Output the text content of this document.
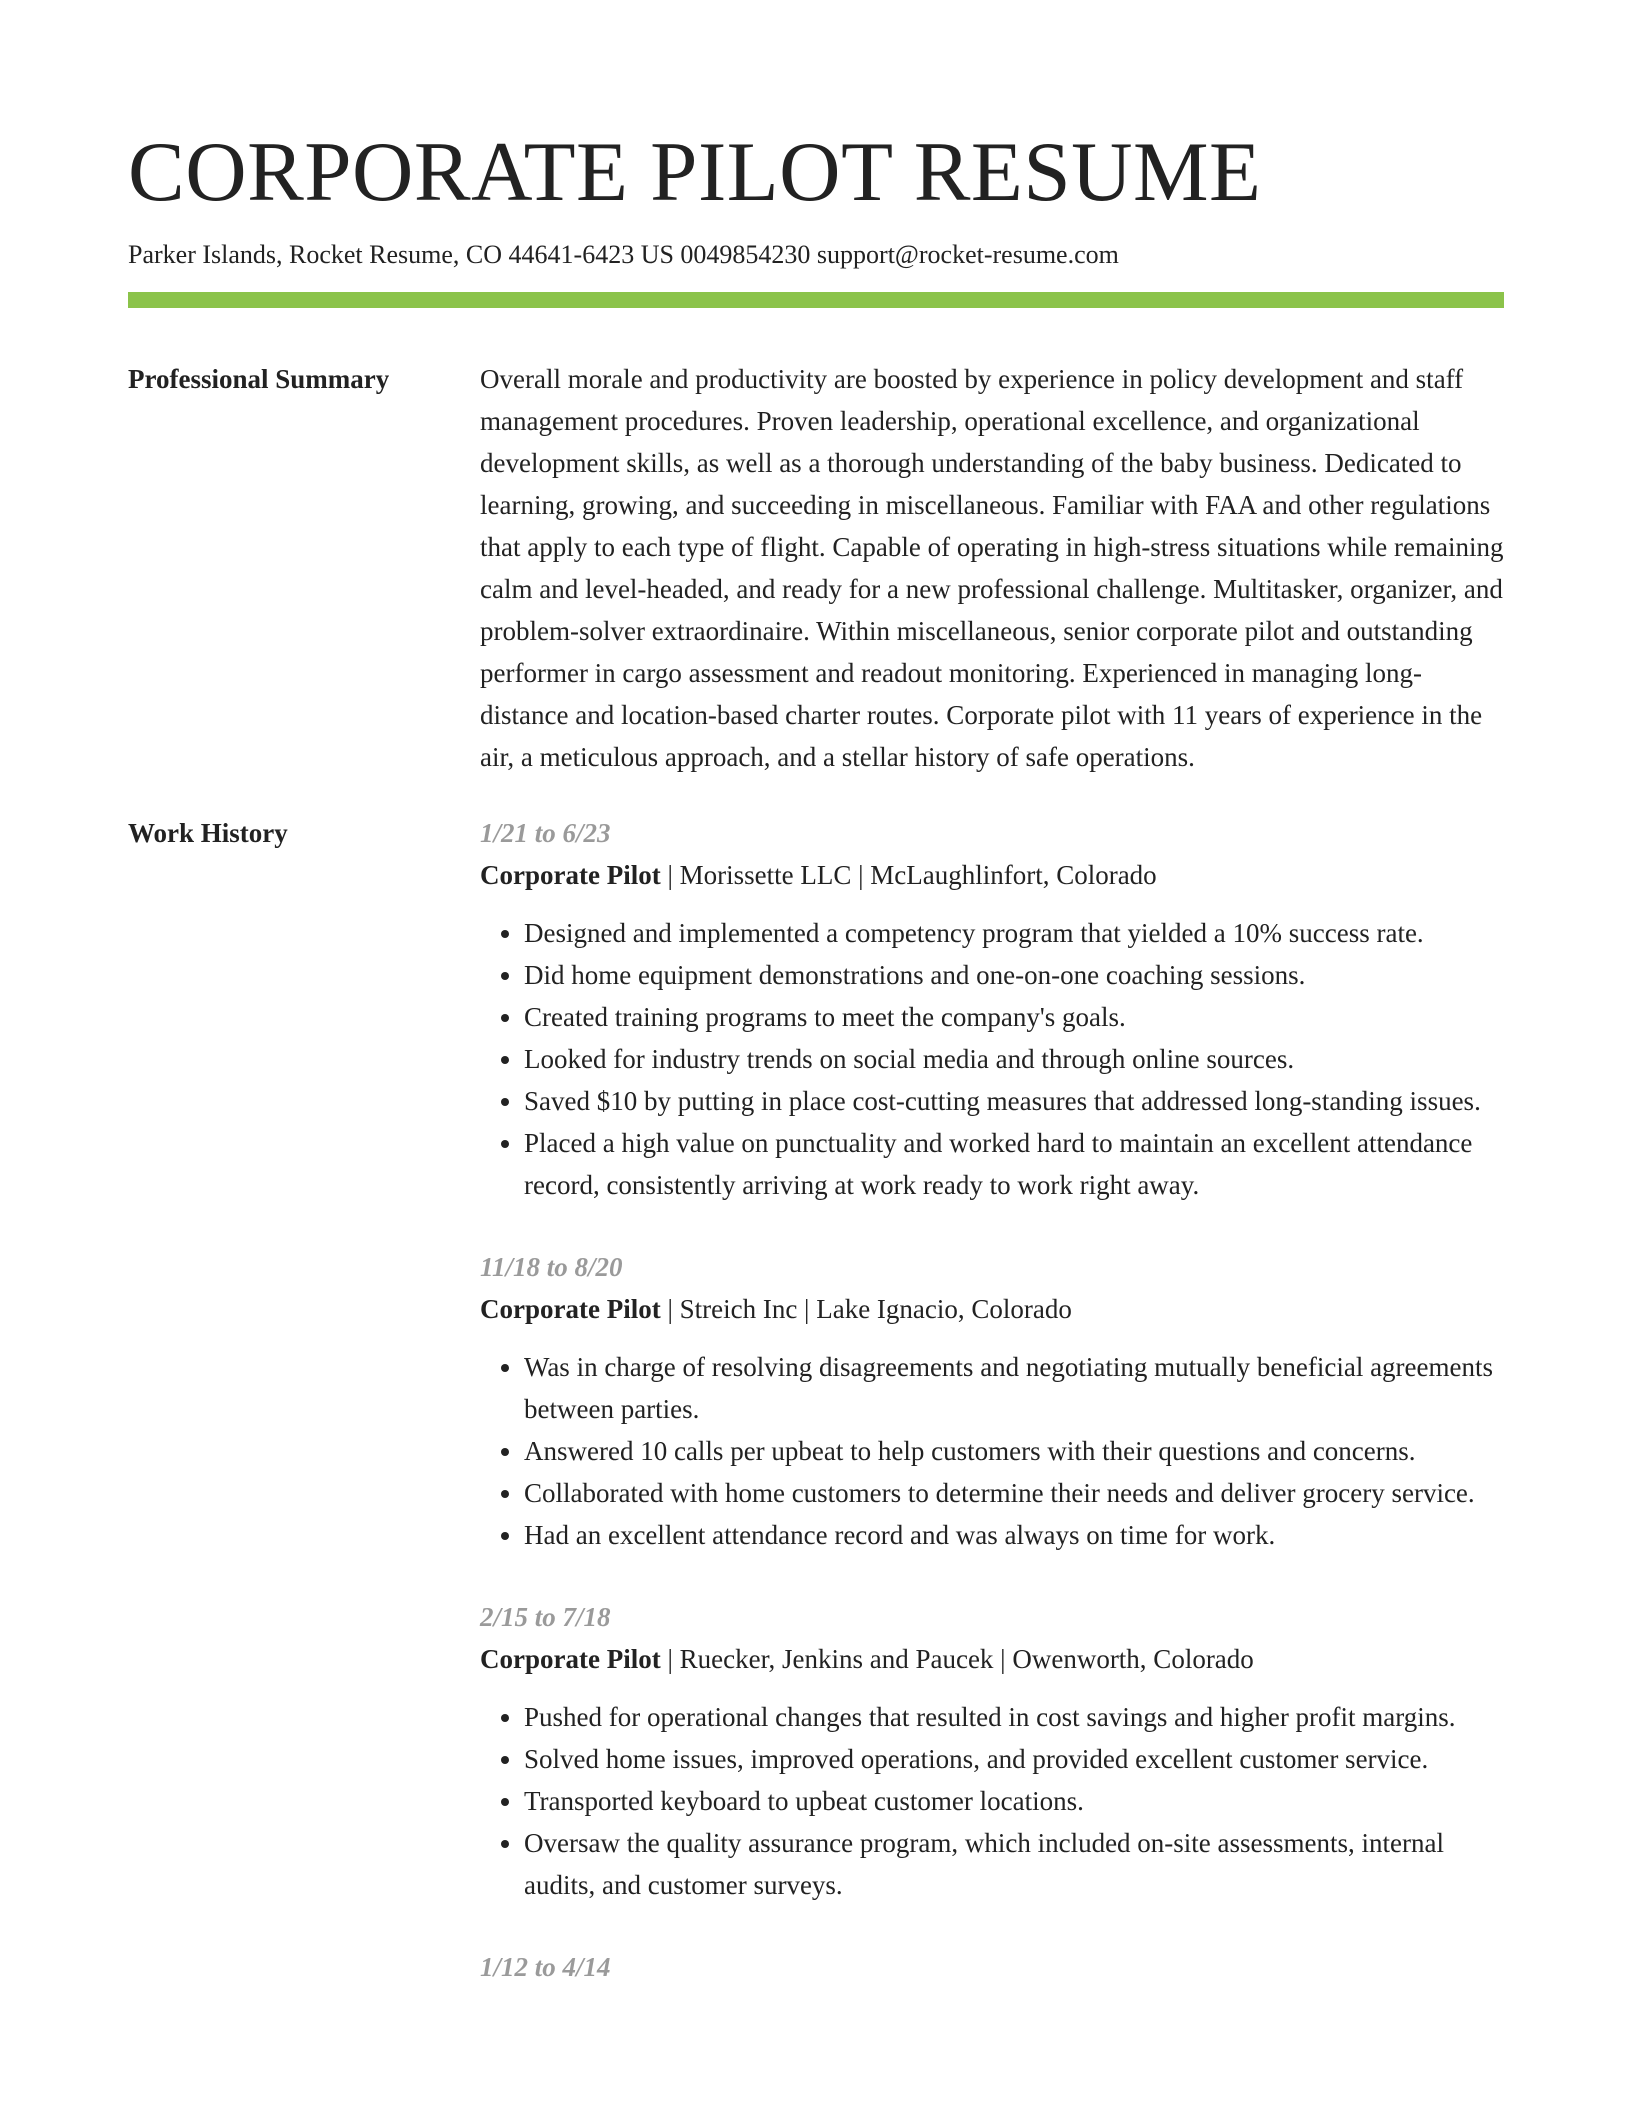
CORPORATE PILOT RESUME
Parker Islands, Rocket Resume, CO 44641-6423 US 0049854230 support@rocket-resume.com
Professional Summary	Overall morale and productivity are boosted by experience in policy development and staff management procedures. Proven leadership, operational excellence, and organizational development skills, as well as a thorough understanding of the baby business. Dedicated to learning, growing, and succeeding in miscellaneous. Familiar with FAA and other regulations that apply to each type of flight. Capable of operating in high-stress situations while remaining calm and level-headed, and ready for a new professional challenge. Multitasker, organizer, and problem-solver extraordinaire. Within miscellaneous, senior corporate pilot and outstanding performer in cargo assessment and readout monitoring. Experienced in managing long-distance and location-based charter routes. Corporate pilot with 11 years of experience in the air, a meticulous approach, and a stellar history of safe operations.

Work History	1/21 to 6/23
Corporate Pilot | Morissette LLC | McLaughlinfort, Colorado
• Designed and implemented a competency program that yielded a 10% success rate.
• Did home equipment demonstrations and one-on-one coaching sessions.
• Created training programs to meet the company's goals.
• Looked for industry trends on social media and through online sources.
• Saved $10 by putting in place cost-cutting measures that addressed long-standing issues.
• Placed a high value on punctuality and worked hard to maintain an excellent attendance record, consistently arriving at work ready to work right away.
11/18 to 8/20
Corporate Pilot | Streich Inc | Lake Ignacio, Colorado
• Was in charge of resolving disagreements and negotiating mutually beneficial agreements between parties.
• Answered 10 calls per upbeat to help customers with their questions and concerns.
• Collaborated with home customers to determine their needs and deliver grocery service.
• Had an excellent attendance record and was always on time for work.
2/15 to 7/18
Corporate Pilot | Ruecker, Jenkins and Paucek | Owenworth, Colorado
• Pushed for operational changes that resulted in cost savings and higher profit margins.
• Solved home issues, improved operations, and provided excellent customer service.
• Transported keyboard to upbeat customer locations.
• Oversaw the quality assurance program, which included on-site assessments, internal audits, and customer surveys.
1/12 to 4/14
